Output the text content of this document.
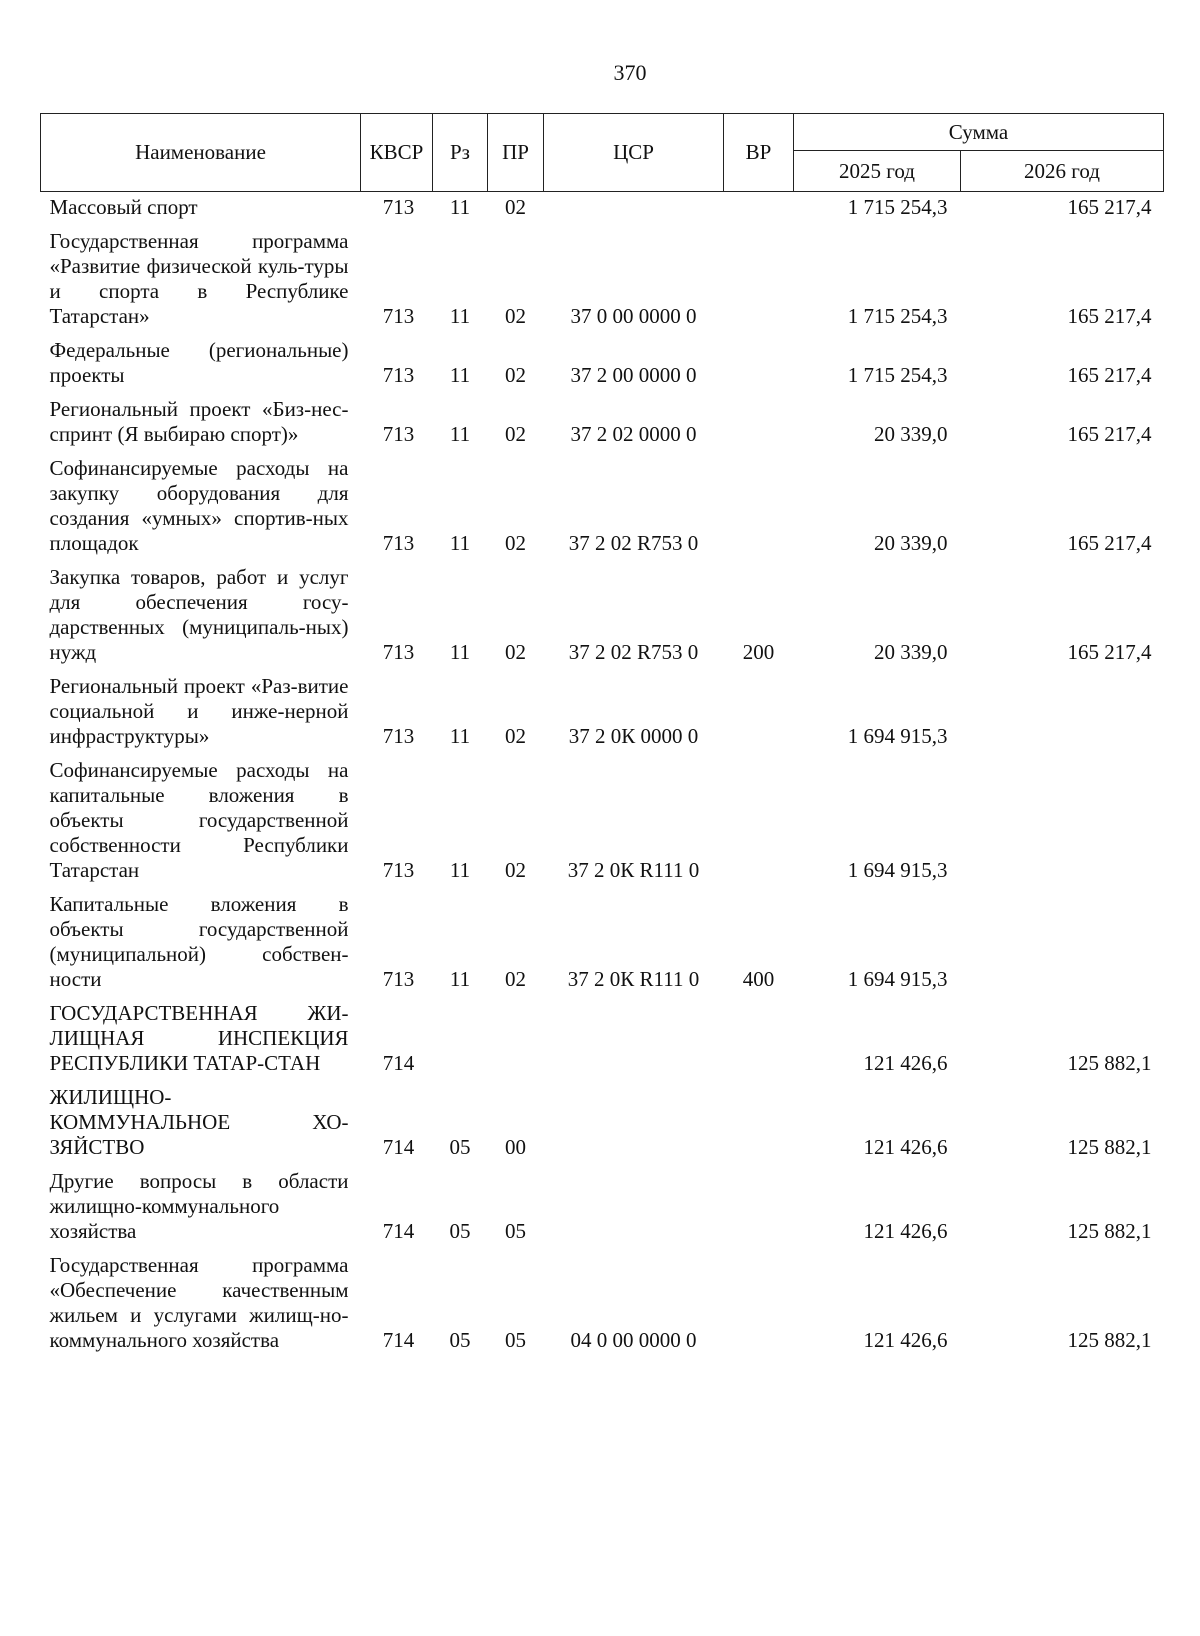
370
Наименование	КВСР	Рз	ПР	ЦСР	ВР	Сумма	
						2025 год	2026 год
Массовый спорт	713	11	02			1 715 254,3	165 217,4
Государственная программа «Развитие физической куль-туры и спорта в Республике Татарстан»	713	11	02	37 0 00 0000 0		1 715 254,3	165 217,4
Федеральные (региональные) проекты	713	11	02	37 2 00 0000 0		1 715 254,3	165 217,4
Региональный проект «Биз-нес-спринт (Я выбираю спорт)»	713	11	02	37 2 02 0000 0		20 339,0	165 217,4
Софинансируемые расходы на закупку оборудования для создания «умных» спортив-ных площадок	713	11	02	37 2 02 R753 0		20 339,0	165 217,4
Закупка товаров, работ и услуг для обеспечения госу-дарственных (муниципаль-ных) нужд	713	11	02	37 2 02 R753 0	200	20 339,0	165 217,4
Региональный проект «Раз-витие социальной и инже-нерной инфраструктуры»	713	11	02	37 2 0К 0000 0		1 694 915,3	
Софинансируемые расходы на капитальные вложения в объекты государственной собственности Республики Татарстан	713	11	02	37 2 0К R111 0		1 694 915,3	
Капитальные вложения в объекты государственной (муниципальной) собствен-ности	713	11	02	37 2 0К R111 0	400	1 694 915,3	
ГОСУДАРСТВЕННАЯ ЖИ-ЛИЩНАЯ ИНСПЕКЦИЯ РЕСПУБЛИКИ ТАТАР-СТАН	714					121 426,6	125 882,1
ЖИЛИЩНО-КОММУНАЛЬНОЕ ХО-ЗЯЙСТВО	714	05	00			121 426,6	125 882,1
Другие вопросы в области жилищно-коммунального хозяйства	714	05	05			121 426,6	125 882,1
Государственная программа «Обеспечение качественным жильем и услугами жилищ-но-коммунального хозяйства	714	05	05	04 0 00 0000 0		121 426,6	125 882,1
